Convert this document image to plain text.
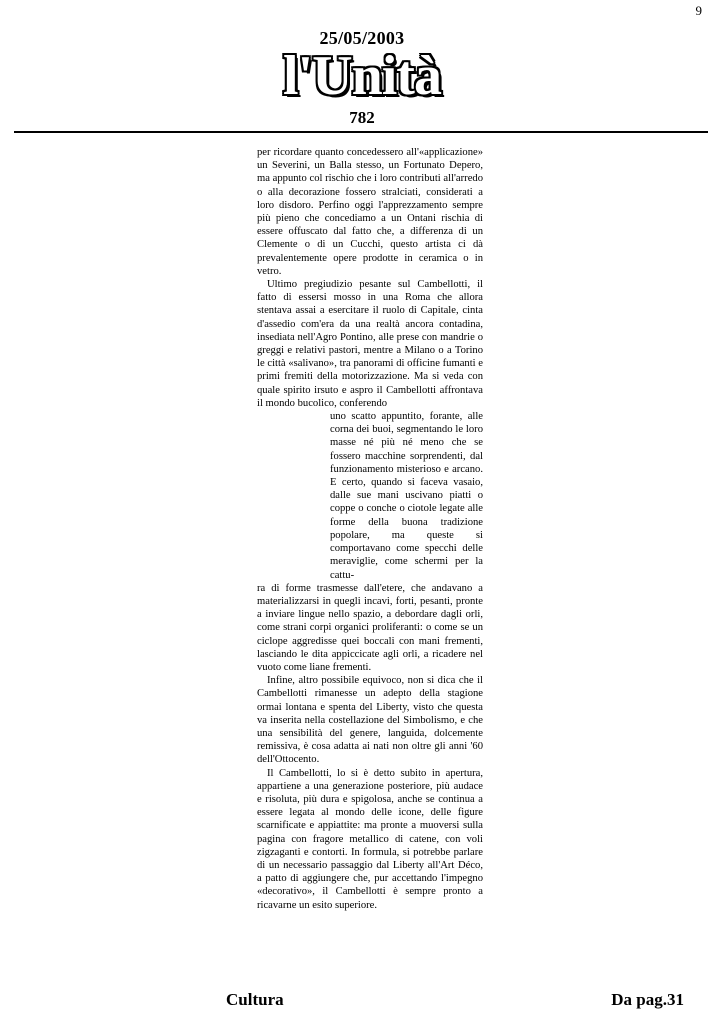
9
25/05/2003
l'Unità
782

per ricordare quanto concedessero all'«applicazione» un Severini, un Balla stesso, un Fortunato Depero, ma appunto col rischio che i loro contributi all'arredo o alla decorazione fossero stralciati, considerati a loro disdoro. Perfino oggi l'apprezzamento sempre più pieno che concediamo a un Ontani rischia di essere offuscato dal fatto che, a differenza di un Clemente o di un Cucchi, questo artista ci dà prevalentemente opere prodotte in ceramica o in vetro.

Ultimo pregiudizio pesante sul Cambellotti, il fatto di essersi mosso in una Roma che allora stentava assai a esercitare il ruolo di Capitale, cinta d'assedio com'era da una realtà ancora contadina, insediata nell'Agro Pontino, alle prese con mandrie o greggi e relativi pastori, mentre a Milano o a Torino le città «salivano», tra panorami di officine fumanti e primi fremiti della motorizzazione. Ma si veda con quale spirito irsuto e aspro il Cambellotti affrontava il mondo bucolico, conferendo

uno scatto appuntito, forante, alle corna dei buoi, segmentando le loro masse né più né meno che se fossero macchine sorprendenti, dal funzionamento misterioso e arcano. E certo, quando si faceva vasaio, dalle sue mani uscivano piatti o coppe o conche o ciotole legate alle forme della buona tradizione popolare, ma queste si comportavano come specchi delle meraviglie, come schermi per la cattu-
ra di forme trasmesse dall'etere, che andavano a materializzarsi in quegli incavi, forti, pesanti, pronte a inviare lingue nello spazio, a debordare dagli orli, come strani corpi organici proliferanti: o come se un ciclope aggredisse quei boccali con mani frementi, lasciando le dita appiccicate agli orli, a ricadere nel vuoto come liane frementi.

Infine, altro possibile equivoco, non si dica che il Cambellotti rimanesse un adepto della stagione ormai lontana e spenta del Liberty, visto che questa va inserita nella costellazione del Simbolismo, e che una sensibilità del genere, languida, dolcemente remissiva, è cosa adatta ai nati non oltre gli anni '60 dell'Ottocento.

Il Cambellotti, lo si è detto subito in apertura, appartiene a una generazione posteriore, più audace e risoluta, più dura e spigolosa, anche se continua a essere legata al mondo delle icone, delle figure scarnificate e appiattite: ma pronte a muoversi sulla pagina con fragore metallico di catene, con voli zigzaganti e contorti. In formula, si potrebbe parlare di un necessario passaggio dal Liberty all'Art Déco, a patto di aggiungere che, pur accettando l'impegno «decorativo», il Cambellotti è sempre pronto a ricavarne un esito superiore.

Cultura	Da pag.31
